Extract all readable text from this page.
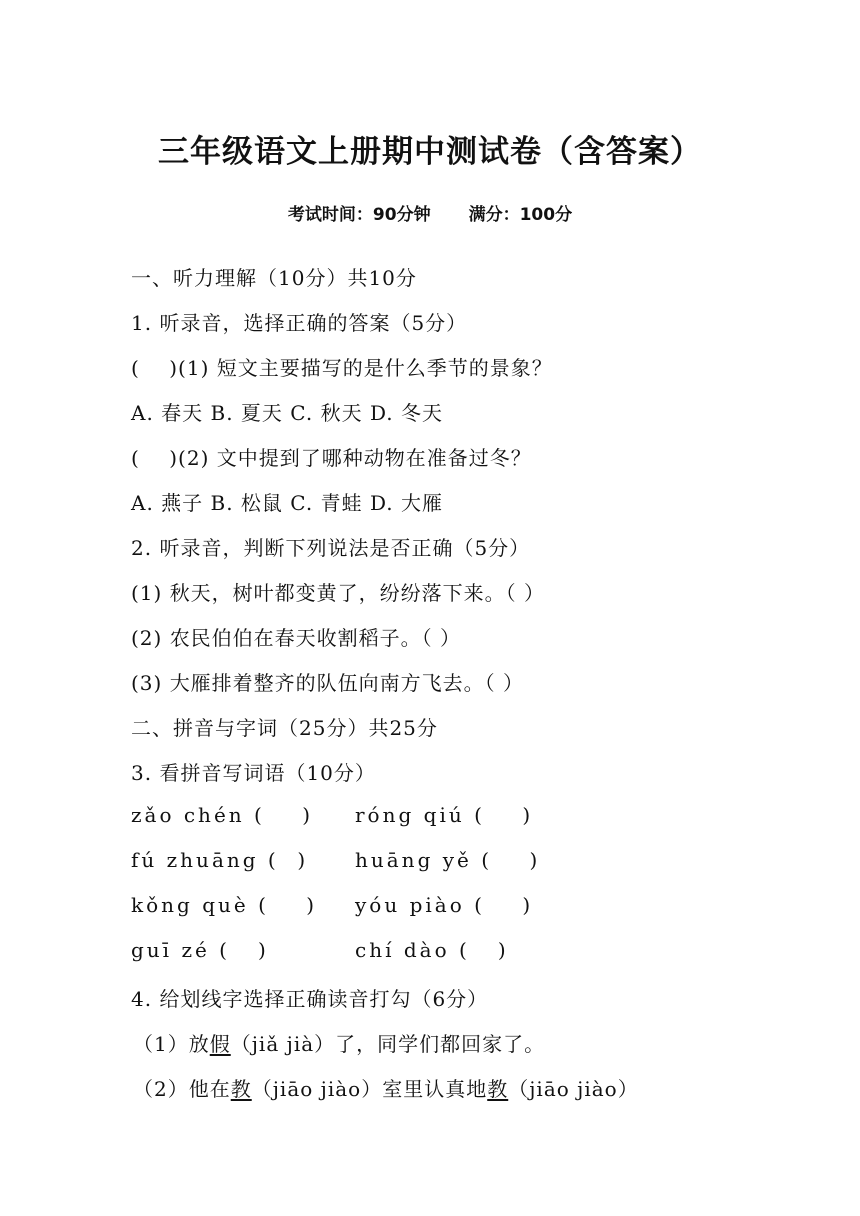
三年级语文上册期中测试卷（含答案）
考试时间：90分钟 满分：100分
一、听力理解（10分）共10分
1. 听录音，选择正确的答案（5分）
(    )(1) 短文主要描写的是什么季节的景象？
A. 春天 B. 夏天 C. 秋天 D. 冬天
(    )(2) 文中提到了哪种动物在准备过冬？
A. 燕子 B. 松鼠 C. 青蛙 D. 大雁
2. 听录音，判断下列说法是否正确（5分）
(1) 秋天，树叶都变黄了，纷纷落下来。（ ）
(2) 农民伯伯在春天收割稻子。（ ）
(3) 大雁排着整齐的队伍向南方飞去。（ ）
二、拼音与字词（25分）共25分
3. 看拼音写词语（10分）
zǎo chén (    ) róng qiú (    )
fú zhuāng (  ) huāng yě (    )
kǒng què (    ) yóu piào (    )
guī zé (   )	chí dào (   )
4. 给划线字选择正确读音打勾（6分）
（1）放假（jiǎ jià）了，同学们都回家了。
（2）他在教（jiāo jiào）室里认真地教（jiāo jiào）
